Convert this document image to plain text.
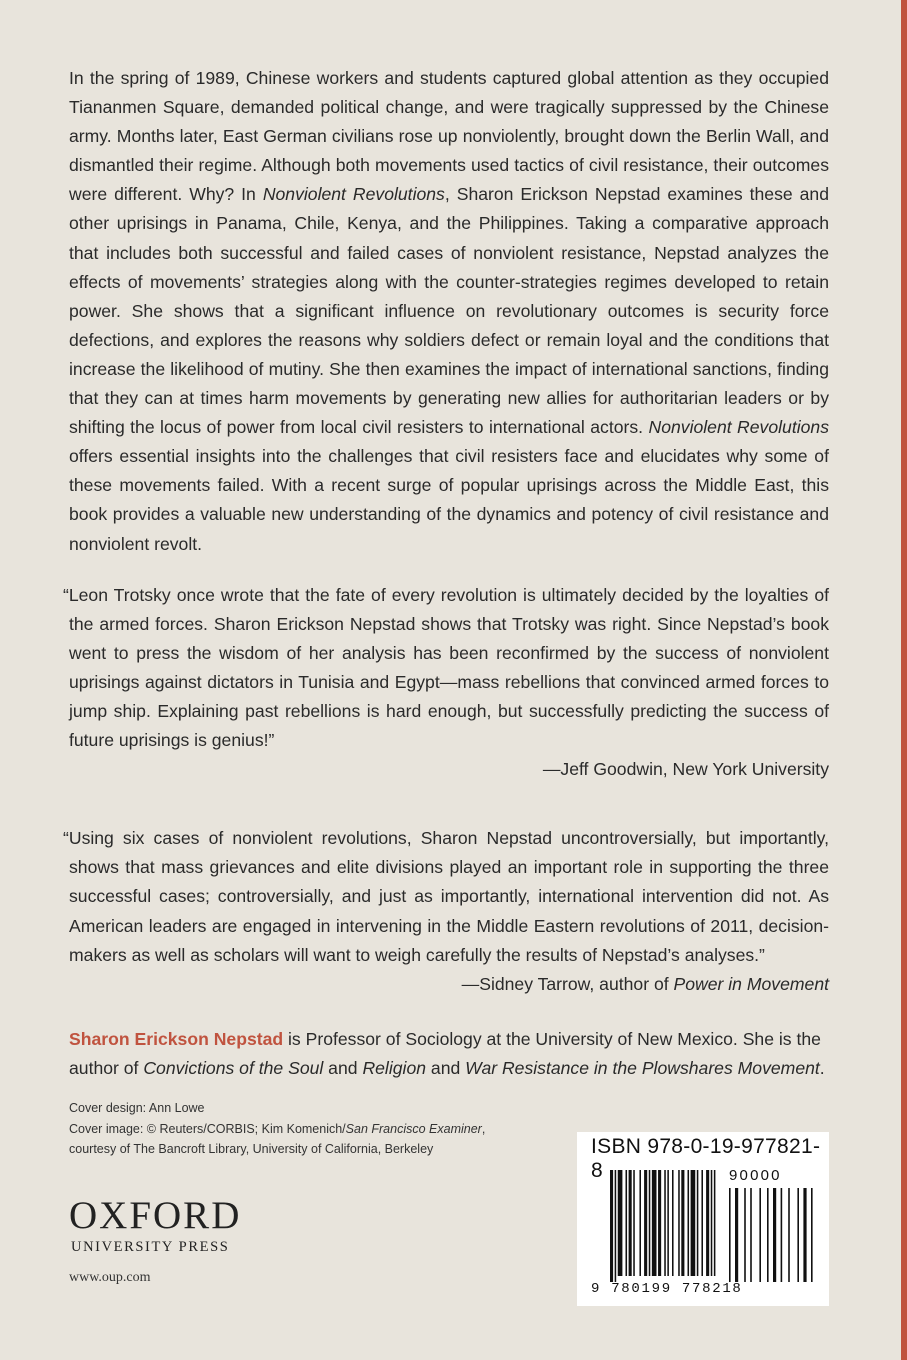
In the spring of 1989, Chinese workers and students captured global attention as they occupied Tiananmen Square, demanded political change, and were tragically suppressed by the Chinese army. Months later, East German civilians rose up nonviolently, brought down the Berlin Wall, and dismantled their regime. Although both movements used tactics of civil resistance, their outcomes were different. Why? In Nonviolent Revolutions, Sharon Erickson Nepstad examines these and other uprisings in Panama, Chile, Kenya, and the Philippines. Taking a comparative approach that includes both successful and failed cases of nonviolent resistance, Nepstad analyzes the effects of movements’ strategies along with the counter-strategies regimes developed to retain power. She shows that a significant influence on revolutionary outcomes is security force defections, and explores the reasons why soldiers defect or remain loyal and the conditions that increase the likelihood of mutiny. She then examines the impact of international sanctions, finding that they can at times harm movements by generating new allies for authoritarian leaders or by shifting the locus of power from local civil resisters to international actors. Nonviolent Revolutions offers essential insights into the challenges that civil resisters face and elucidates why some of these movements failed. With a recent surge of popular uprisings across the Middle East, this book provides a valuable new understanding of the dynamics and potency of civil resistance and nonviolent revolt.

“Leon Trotsky once wrote that the fate of every revolution is ultimately decided by the loyalties of the armed forces. Sharon Erickson Nepstad shows that Trotsky was right. Since Nepstad’s book went to press the wisdom of her analysis has been reconfirmed by the success of nonviolent uprisings against dictators in Tunisia and Egypt—mass rebellions that convinced armed forces to jump ship. Explaining past rebellions is hard enough, but successfully predicting the success of future uprisings is genius!”

—Jeff Goodwin, New York University

“Using six cases of nonviolent revolutions, Sharon Nepstad uncontroversially, but importantly, shows that mass grievances and elite divisions played an important role in supporting the three successful cases; controversially, and just as importantly, international intervention did not. As American leaders are engaged in intervening in the Middle Eastern revolutions of 2011, decisionmakers as well as scholars will want to weigh carefully the results of Nepstad’s analyses.”

—Sidney Tarrow, author of Power in Movement

Sharon Erickson Nepstad is Professor of Sociology at the University of New Mexico. She is the author of Convictions of the Soul and Religion and War Resistance in the Plowshares Movement.

Cover design: Ann Lowe
Cover image: © Reuters/CORBIS; Kim Komenich/San Francisco Examiner,
courtesy of The Bancroft Library, University of California, Berkeley
OXFORD
UNIVERSITY PRESS
www.oup.com
ISBN 978-0-19-977821-8	90000
9 780199 778218
